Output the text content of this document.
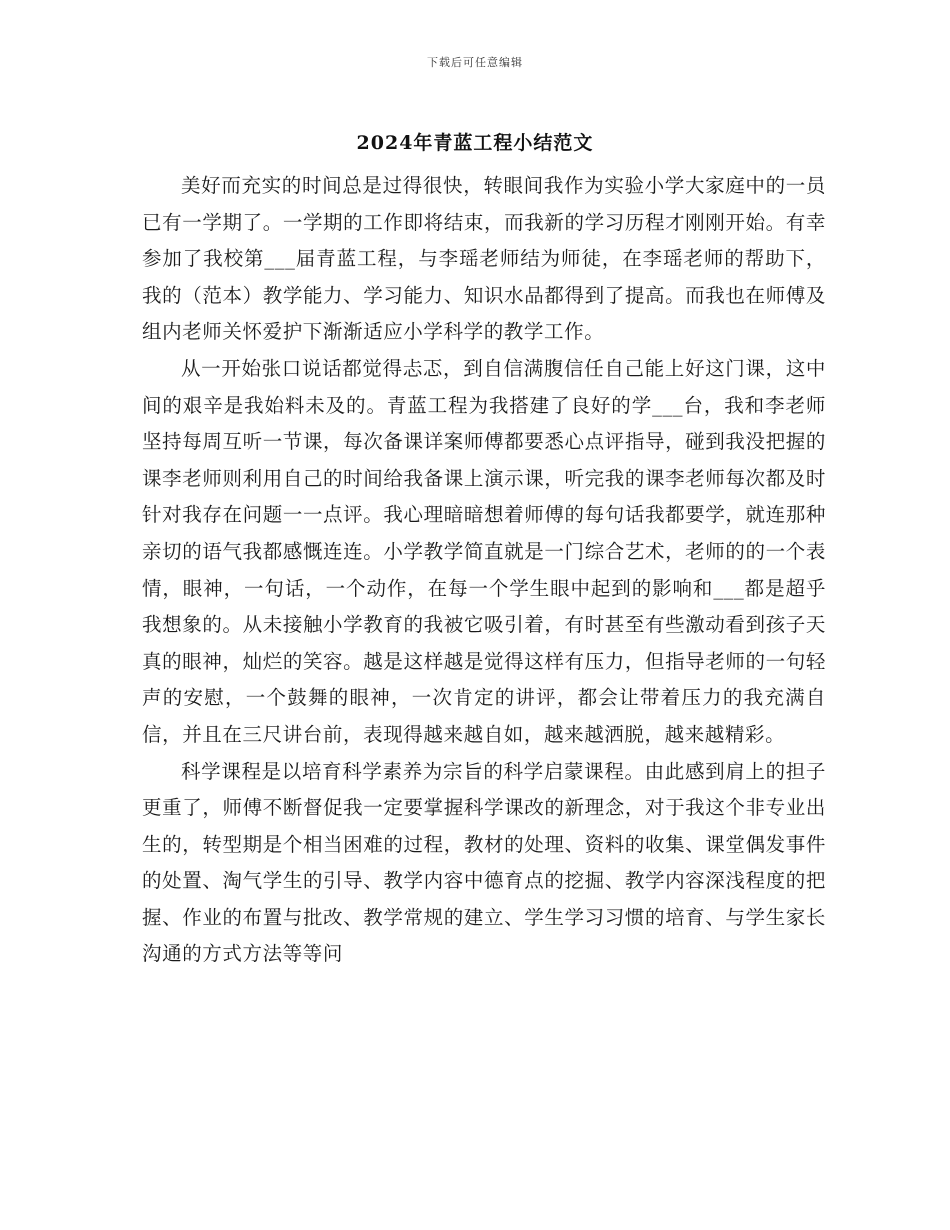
下载后可任意编辑
2024年青蓝工程小结范文

美好而充实的时间总是过得很快，转眼间我作为实验小学大家庭中的一员已有一学期了。一学期的工作即将结束，而我新的学习历程才刚刚开始。有幸参加了我校第___届青蓝工程，与李瑶老师结为师徒，在李瑶老师的帮助下，我的（范本）教学能力、学习能力、知识水品都得到了提高。而我也在师傅及组内老师关怀爱护下渐渐适应小学科学的教学工作。

从一开始张口说话都觉得忐忑，到自信满腹信任自己能上好这门课，这中间的艰辛是我始料未及的。青蓝工程为我搭建了良好的学___台，我和李老师坚持每周互听一节课，每次备课详案师傅都要悉心点评指导，碰到我没把握的课李老师则利用自己的时间给我备课上演示课，听完我的课李老师每次都及时针对我存在问题一一点评。我心理暗暗想着师傅的每句话我都要学，就连那种亲切的语气我都感慨连连。小学教学简直就是一门综合艺术，老师的的一个表情，眼神，一句话，一个动作，在每一个学生眼中起到的影响和___都是超乎我想象的。从未接触小学教育的我被它吸引着，有时甚至有些激动看到孩子天真的眼神，灿烂的笑容。越是这样越是觉得这样有压力，但指导老师的一句轻声的安慰，一个鼓舞的眼神，一次肯定的讲评，都会让带着压力的我充满自信，并且在三尺讲台前，表现得越来越自如，越来越洒脱，越来越精彩。

科学课程是以培育科学素养为宗旨的科学启蒙课程。由此感到肩上的担子更重了，师傅不断督促我一定要掌握科学课改的新理念，对于我这个非专业出生的，转型期是个相当困难的过程，教材的处理、资料的收集、课堂偶发事件的处置、淘气学生的引导、教学内容中德育点的挖掘、教学内容深浅程度的把握、作业的布置与批改、教学常规的建立、学生学习习惯的培育、与学生家长沟通的方式方法等等问
